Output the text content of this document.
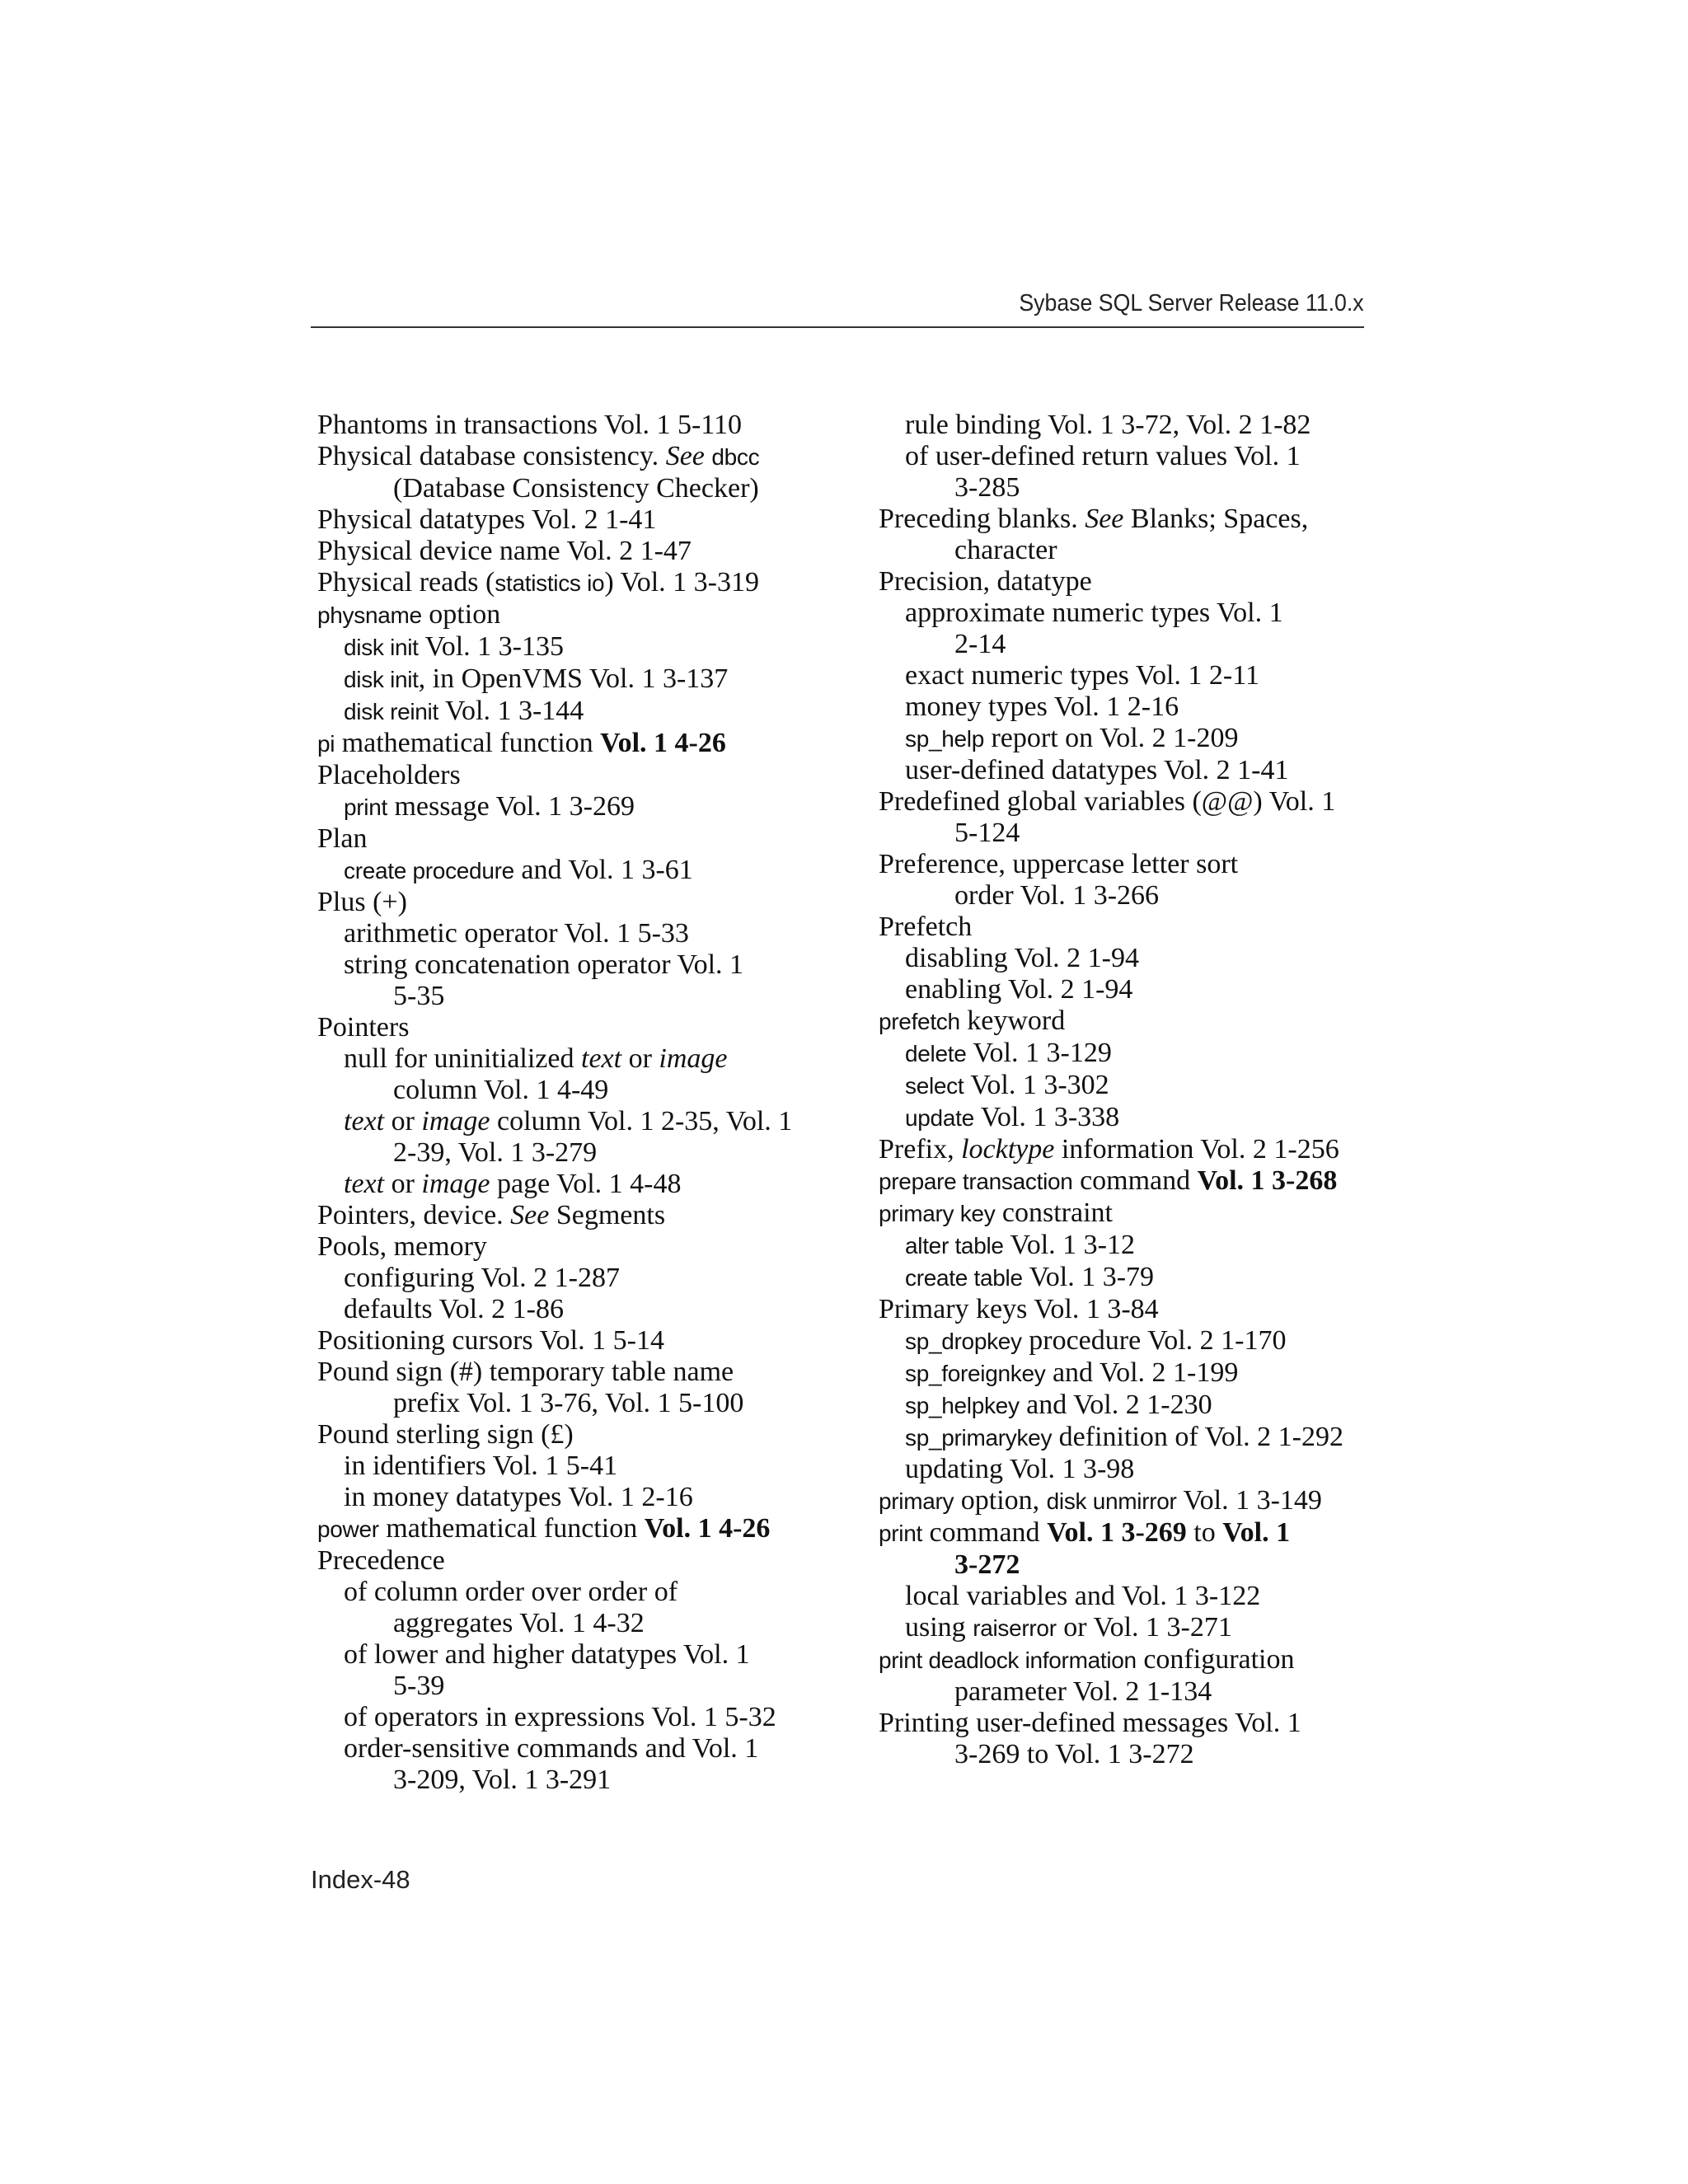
Sybase SQL Server Release 11.0.x
Phantoms in transactions Vol. 1 5-110
Physical database consistency. See dbcc
(Database Consistency Checker)
Physical datatypes Vol. 2 1-41
Physical device name Vol. 2 1-47
Physical reads (statistics io) Vol. 1 3-319
physname option
disk init Vol. 1 3-135
disk init, in OpenVMS Vol. 1 3-137
disk reinit Vol. 1 3-144
pi mathematical function Vol. 1 4-26
Placeholders
print message Vol. 1 3-269
Plan
create procedure and Vol. 1 3-61
Plus (+)
arithmetic operator Vol. 1 5-33
string concatenation operator Vol. 1
5-35
Pointers
null for uninitialized text or image
column Vol. 1 4-49
text or image column Vol. 1 2-35, Vol. 1
2-39, Vol. 1 3-279
text or image page Vol. 1 4-48
Pointers, device. See Segments
Pools, memory
configuring Vol. 2 1-287
defaults Vol. 2 1-86
Positioning cursors Vol. 1 5-14
Pound sign (#) temporary table name
prefix Vol. 1 3-76, Vol. 1 5-100
Pound sterling sign (£)
in identifiers Vol. 1 5-41
in money datatypes Vol. 1 2-16
power mathematical function Vol. 1 4-26
Precedence
of column order over order of
aggregates Vol. 1 4-32
of lower and higher datatypes Vol. 1
5-39
of operators in expressions Vol. 1 5-32
order-sensitive commands and Vol. 1
3-209, Vol. 1 3-291
rule binding Vol. 1 3-72, Vol. 2 1-82
of user-defined return values Vol. 1
3-285
Preceding blanks. See Blanks; Spaces,
character
Precision, datatype
approximate numeric types Vol. 1
2-14
exact numeric types Vol. 1 2-11
money types Vol. 1 2-16
sp_help report on Vol. 2 1-209
user-defined datatypes Vol. 2 1-41
Predefined global variables (@@) Vol. 1
5-124
Preference, uppercase letter sort
order Vol. 1 3-266
Prefetch
disabling Vol. 2 1-94
enabling Vol. 2 1-94
prefetch keyword
delete Vol. 1 3-129
select Vol. 1 3-302
update Vol. 1 3-338
Prefix, locktype information Vol. 2 1-256
prepare transaction command Vol. 1 3-268
primary key constraint
alter table Vol. 1 3-12
create table Vol. 1 3-79
Primary keys Vol. 1 3-84
sp_dropkey procedure Vol. 2 1-170
sp_foreignkey and Vol. 2 1-199
sp_helpkey and Vol. 2 1-230
sp_primarykey definition of Vol. 2 1-292
updating Vol. 1 3-98
primary option, disk unmirror Vol. 1 3-149
print command Vol. 1 3-269 to Vol. 1
3-272
local variables and Vol. 1 3-122
using raiserror or Vol. 1 3-271
print deadlock information configuration
parameter Vol. 2 1-134
Printing user-defined messages Vol. 1
3-269 to Vol. 1 3-272
Index-48
